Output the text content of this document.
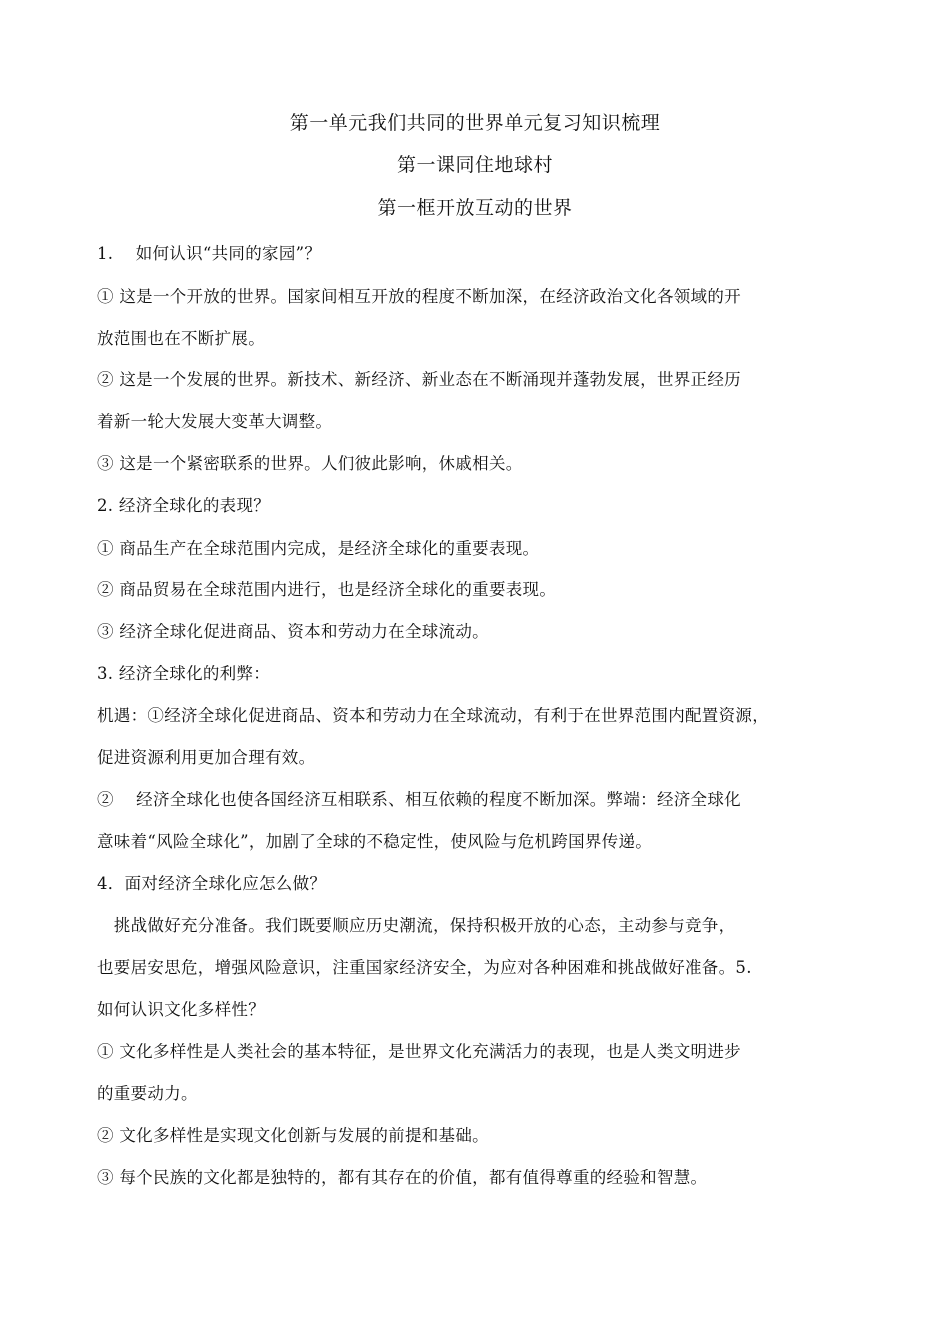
第一单元我们共同的世界单元复习知识梳理
第一课同住地球村
第一框开放互动的世界
1.　 如何认识“共同的家园”？
① 这是一个开放的世界。国家间相互开放的程度不断加深，在经济政治文化各领域的开
放范围也在不断扩展。
② 这是一个发展的世界。新技术、新经济、新业态在不断涌现并蓬勃发展，世界正经历
着新一轮大发展大变革大调整。
③ 这是一个紧密联系的世界。人们彼此影响，休戚相关。
2. 经济全球化的表现？
① 商品生产在全球范围内完成，是经济全球化的重要表现。
② 商品贸易在全球范围内进行，也是经济全球化的重要表现。
③ 经济全球化促进商品、资本和劳动力在全球流动。
3. 经济全球化的利弊：
机遇：①经济全球化促进商品、资本和劳动力在全球流动，有利于在世界范围内配置资源，
促进资源利用更加合理有效。
② 　经济全球化也使各国经济互相联系、相互依赖的程度不断加深。弊端：经济全球化
意味着“风险全球化”，加剧了全球的不稳定性，使风险与危机跨国界传递。
4．面对经济全球化应怎么做？
　挑战做好充分准备。我们既要顺应历史潮流，保持积极开放的心态，主动参与竞争，
也要居安思危，增强风险意识，注重国家经济安全，为应对各种困难和挑战做好准备。5.
如何认识文化多样性？
① 文化多样性是人类社会的基本特征，是世界文化充满活力的表现，也是人类文明进步
的重要动力。
② 文化多样性是实现文化创新与发展的前提和基础。
③ 每个民族的文化都是独特的，都有其存在的价值，都有值得尊重的经验和智慧。
